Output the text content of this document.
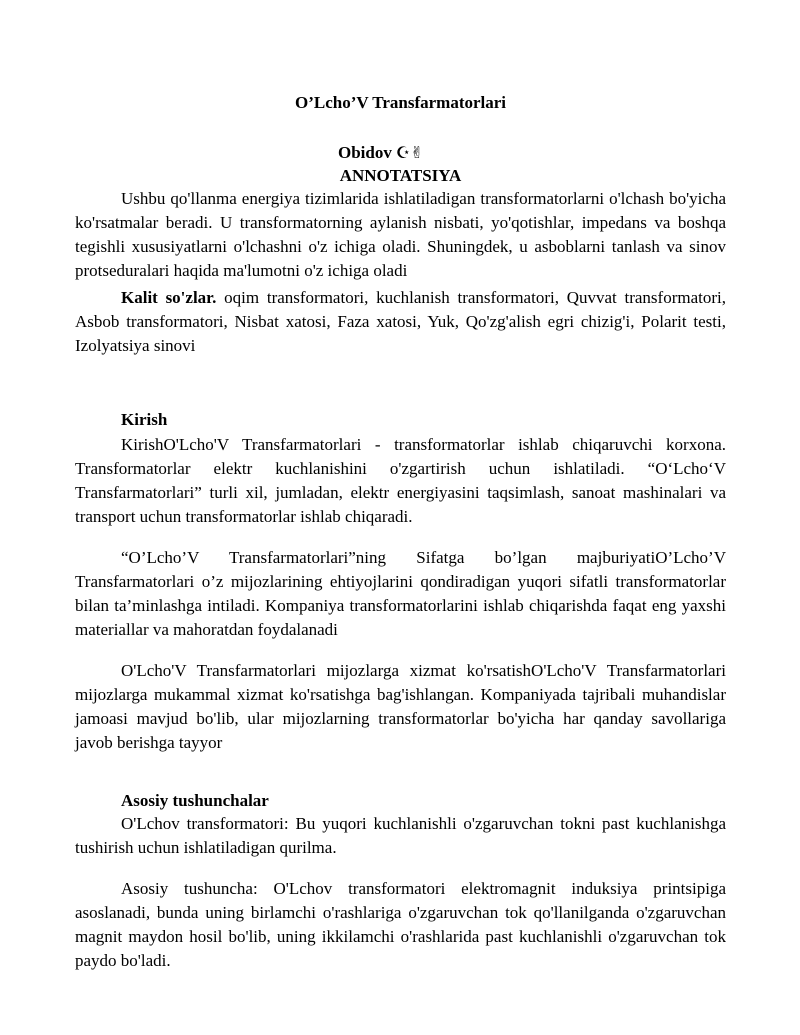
O’Lcho’V Transfarmatorlari
Obidov ☪✌
ANNOTATSIYA

Ushbu qo'llanma energiya tizimlarida ishlatiladigan transformatorlarni o'lchash bo'yicha ko'rsatmalar beradi. U transformatorning aylanish nisbati, yo'qotishlar, impedans va boshqa tegishli xususiyatlarni o'lchashni o'z ichiga oladi. Shuningdek, u asboblarni tanlash va sinov protseduralari haqida ma'lumotni o'z ichiga oladi

Kalit so'zlar. oqim transformatori, kuchlanish transformatori, Quvvat transformatori, Asbob transformatori, Nisbat xatosi, Faza xatosi, Yuk, Qo'zg'alish egri chizig'i, Polarit testi, Izolyatsiya sinovi

Kirish

KirishO'Lcho'V Transfarmatorlari - transformatorlar ishlab chiqaruvchi korxona. Transformatorlar elektr kuchlanishini o'zgartirish uchun ishlatiladi. “O‘Lcho‘V Transfarmatorlari” turli xil, jumladan, elektr energiyasini taqsimlash, sanoat mashinalari va transport uchun transformatorlar ishlab chiqaradi.

“O’Lcho’V Transfarmatorlari”ning Sifatga bo’lgan majburiyatiO’Lcho’V Transfarmatorlari o’z mijozlarining ehtiyojlarini qondiradigan yuqori sifatli transformatorlar bilan ta’minlashga intiladi. Kompaniya transformatorlarini ishlab chiqarishda faqat eng yaxshi materiallar va mahoratdan foydalanadi

O'Lcho'V Transfarmatorlari mijozlarga xizmat ko'rsatishO'Lcho'V Transfarmatorlari mijozlarga mukammal xizmat ko'rsatishga bag'ishlangan. Kompaniyada tajribali muhandislar jamoasi mavjud bo'lib, ular mijozlarning transformatorlar bo'yicha har qanday savollariga javob berishga tayyor

Asosiy tushunchalar

O'Lchov transformatori: Bu yuqori kuchlanishli o'zgaruvchan tokni past kuchlanishga tushirish uchun ishlatiladigan qurilma.

Asosiy tushuncha: O'Lchov transformatori elektromagnit induksiya printsipiga asoslanadi, bunda uning birlamchi o'rashlariga o'zgaruvchan tok qo'llanilganda o'zgaruvchan magnit maydon hosil bo'lib, uning ikkilamchi o'rashlarida past kuchlanishli o'zgaruvchan tok paydo bo'ladi.
